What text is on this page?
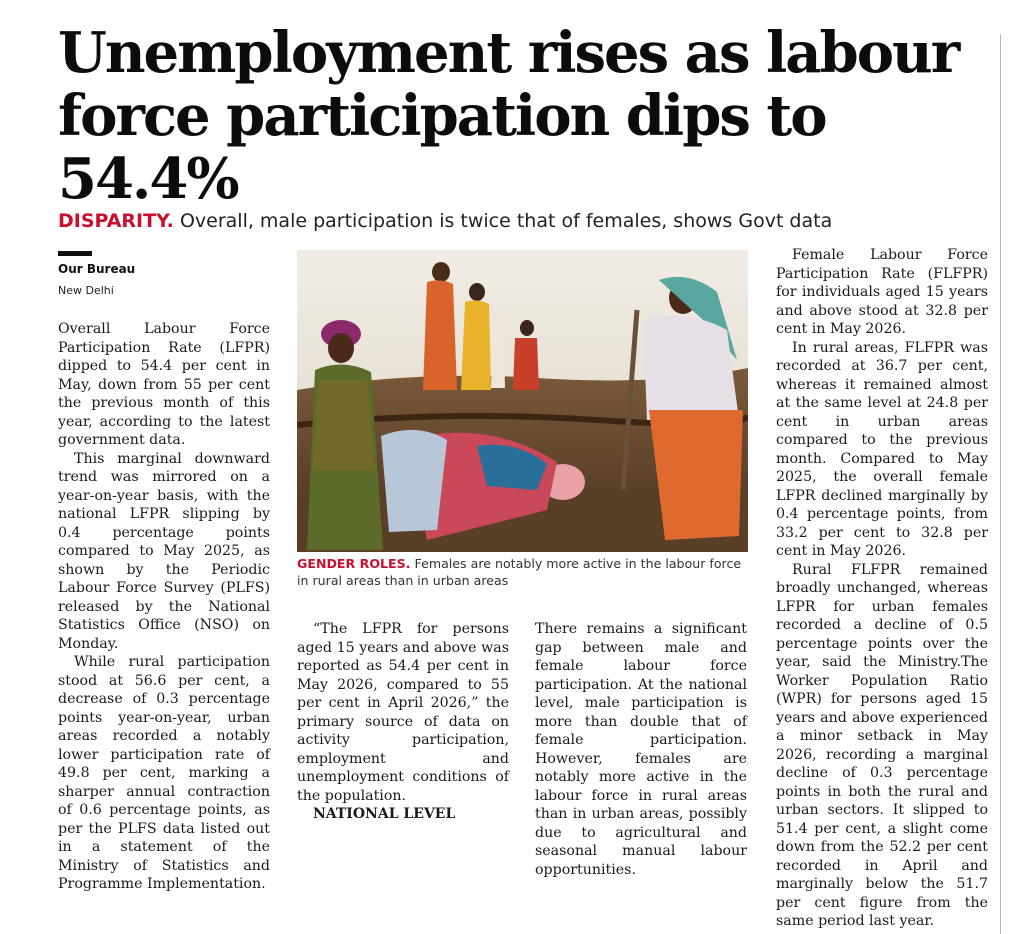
Unemployment rises as labour force participation dips to 54.4%
DISPARITY. Overall, male participation is twice that of females, shows Govt data
Our Bureau
New Delhi

Overall Labour Force Participation Rate (LFPR) dipped to 54.4 per cent in May, down from 55 per cent the previous month of this year, according to the latest government data.

This marginal downward trend was mirrored on a year-on-year basis, with the national LFPR slipping by 0.4 percentage points compared to May 2025, as shown by the Periodic Labour Force Survey (PLFS) released by the National Statistics Office (NSO) on Monday.

While rural participation stood at 56.6 per cent, a decrease of 0.3 percentage points year-on-year, urban areas recorded a notably lower participation rate of 49.8 per cent, marking a sharper annual contraction of 0.6 percentage points, as per the PLFS data listed out in a statement of the Ministry of Statistics and Programme Implementation.

GENDER ROLES. Females are notably more active in the labour force in rural areas than in urban areas

“The LFPR for persons aged 15 years and above was reported as 54.4 per cent in May 2026, compared to 55 per cent in April 2026,” the primary source of data on activity participation, employment and unemployment conditions of the population.

NATIONAL LEVEL

There remains a significant gap between male and female labour force participation. At the national level, male participation is more than double that of female participation. However, females are notably more active in the labour force in rural areas than in urban areas, possibly due to agricultural and seasonal manual labour opportunities.

Female Labour Force Participation Rate (FLFPR) for individuals aged 15 years and above stood at 32.8 per cent in May 2026.

In rural areas, FLFPR was recorded at 36.7 per cent, whereas it remained almost at the same level at 24.8 per cent in urban areas compared to the previous month. Compared to May 2025, the overall female LFPR declined marginally by 0.4 percentage points, from 33.2 per cent to 32.8 per cent in May 2026.

Rural FLFPR remained broadly unchanged, whereas LFPR for urban females recorded a decline of 0.5 percentage points over the year, said the Ministry.The Worker Population Ratio (WPR) for persons aged 15 years and above experienced a minor setback in May 2026, recording a marginal decline of 0.3 percentage points in both the rural and urban sectors. It slipped to 51.4 per cent, a slight come down from the 52.2 per cent recorded in April and marginally below the 51.7 per cent figure from the same period last year.
